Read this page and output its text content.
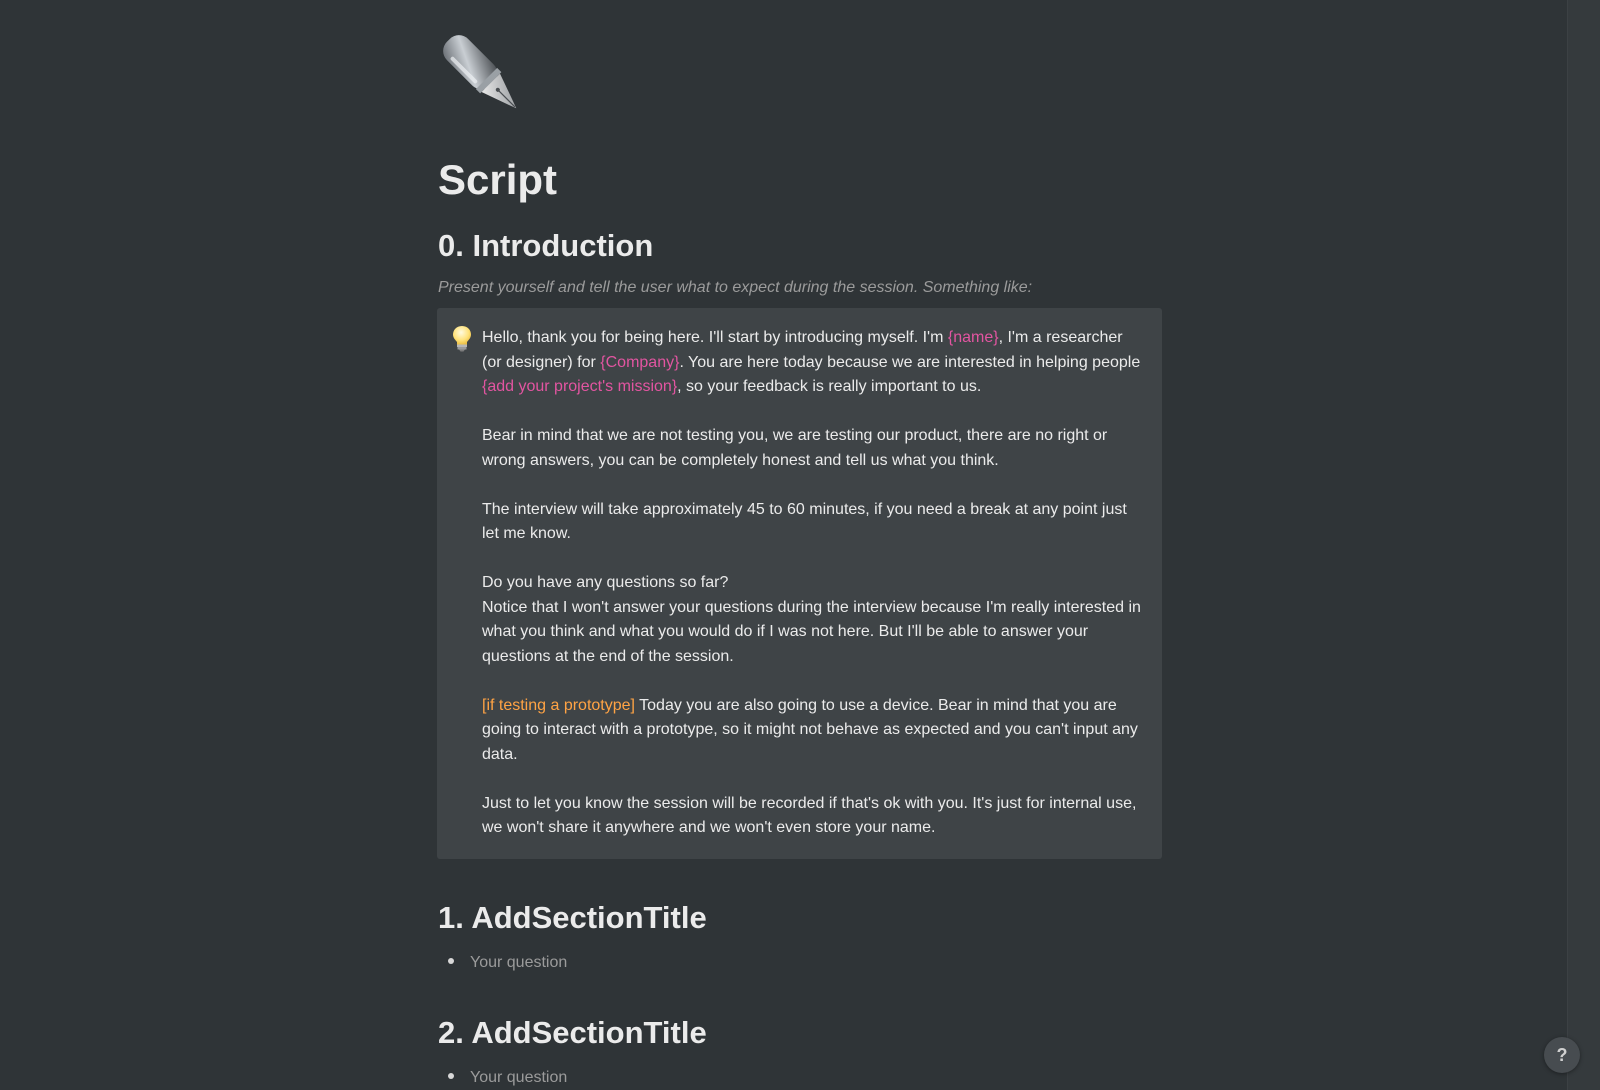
Script
0. Introduction
Present yourself and tell the user what to expect during the session. Something like:

Hello, thank you for being here. I'll start by introducing myself. I'm {name}, I'm a researcher (or designer) for {Company}. You are here today because we are interested in helping people {add your project's mission}, so your feedback is really important to us.

Bear in mind that we are not testing you, we are testing our product, there are no right or wrong answers, you can be completely honest and tell us what you think.

The interview will take approximately 45 to 60 minutes, if you need a break at any point just let me know.

Do you have any questions so far?

Notice that I won't answer your questions during the interview because I'm really interested in what you think and what you would do if I was not here. But I'll be able to answer your questions at the end of the session.

[if testing a prototype] Today you are also going to use a device. Bear in mind that you are going to interact with a prototype, so it might not behave as expected and you can't input any data.

Just to let you know the session will be recorded if that's ok with you. It's just for internal use, we won't share it anywhere and we won't even store your name.

1. AddSectionTitle
Your question
2. AddSectionTitle
Your question
?
